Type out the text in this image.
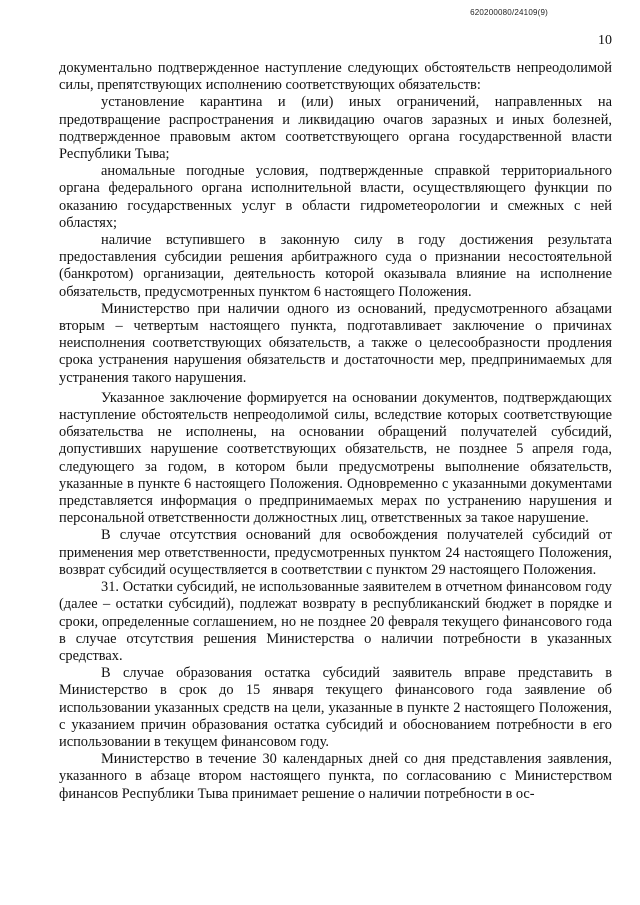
620200080/24109(9)
10

документально подтвержденное наступление следующих обстоятельств непреодолимой силы, препятствующих исполнению соответствующих обязательств:

установление карантина и (или) иных ограничений, направленных на предотвращение распространения и ликвидацию очагов заразных и иных болезней, подтвержденное правовым актом соответствующего органа государственной власти Республики Тыва;

аномальные погодные условия, подтвержденные справкой территориального органа федерального органа исполнительной власти, осуществляющего функции по оказанию государственных услуг в области гидрометеорологии и смежных с ней областях;

наличие вступившего в законную силу в году достижения результата предоставления субсидии решения арбитражного суда о признании несостоятельной (банкротом) организации, деятельность которой оказывала влияние на исполнение обязательств, предусмотренных пунктом 6 настоящего Положения.

Министерство при наличии одного из оснований, предусмотренного абзацами вторым – четвертым настоящего пункта, подготавливает заключение о причинах неисполнения соответствующих обязательств, а также о целесообразности продления срока устранения нарушения обязательств и достаточности мер, предпринимаемых для устранения такого нарушения.

Указанное заключение формируется на основании документов, подтверждающих наступление обстоятельств непреодолимой силы, вследствие которых соответствующие обязательства не исполнены, на основании обращений получателей субсидий, допустивших нарушение соответствующих обязательств, не позднее 5 апреля года, следующего за годом, в котором были предусмотрены выполнение обязательств, указанные в пункте 6 настоящего Положения. Одновременно с указанными документами представляется информация о предпринимаемых мерах по устранению нарушения и персональной ответственности должностных лиц, ответственных за такое нарушение.

В случае отсутствия оснований для освобождения получателей субсидий от применения мер ответственности, предусмотренных пунктом 24 настоящего Положения, возврат субсидий осуществляется в соответствии с пунктом 29 настоящего Положения.

31. Остатки субсидий, не использованные заявителем в отчетном финансовом году (далее – остатки субсидий), подлежат возврату в республиканский бюджет в порядке и сроки, определенные соглашением, но не позднее 20 февраля текущего финансового года в случае отсутствия решения Министерства о наличии потребности в указанных средствах.

В случае образования остатка субсидий заявитель вправе представить в Министерство в срок до 15 января текущего финансового года заявление об использовании указанных средств на цели, указанные в пункте 2 настоящего Положения, с указанием причин образования остатка субсидий и обоснованием потребности в его использовании в текущем финансовом году.

Министерство в течение 30 календарных дней со дня представления заявления, указанного в абзаце втором настоящего пункта, по согласованию с Министерством финансов Республики Тыва принимает решение о наличии потребности в ос-
